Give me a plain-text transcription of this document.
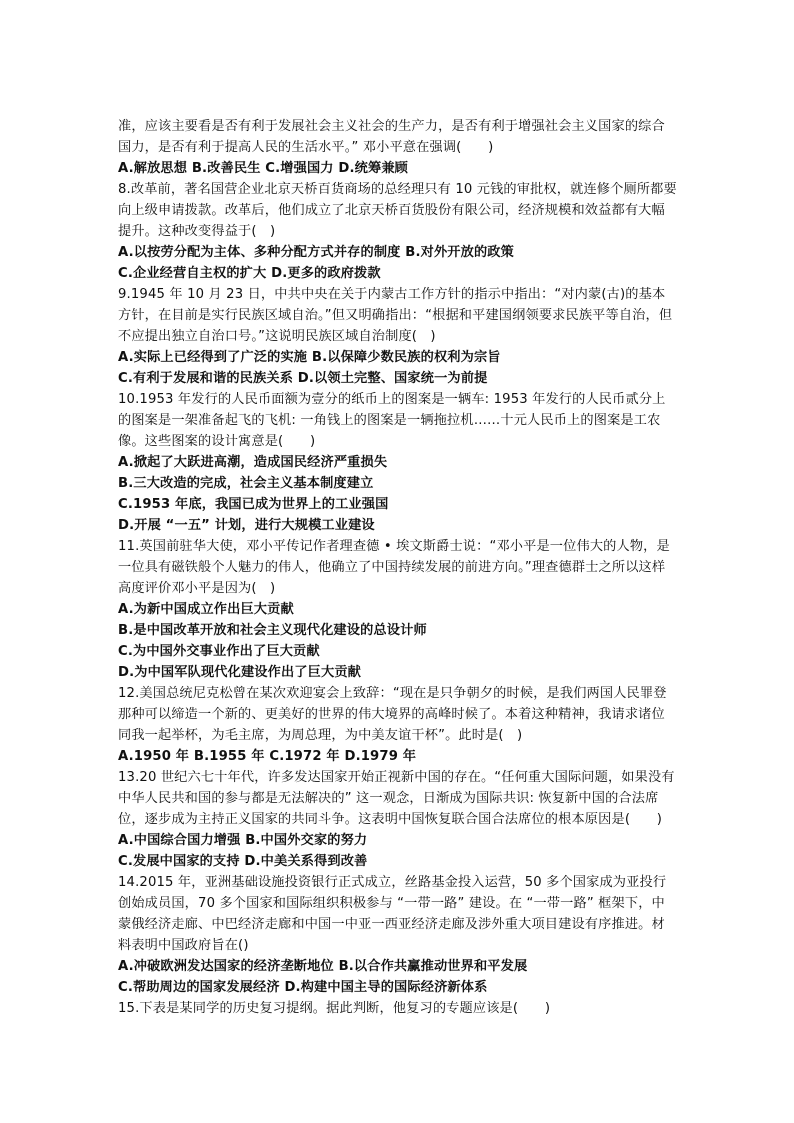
准，应该主要看是否有利于发展社会主义社会的生产力，是否有利于增强社会主义国家的综合国力，是否有利于提高人民的生活水平。” 邓小平意在强调(　　)

A.解放思想 B.改善民生 C.增强国力 D.统筹兼顾

8.改革前，著名国营企业北京天桥百货商场的总经理只有 10 元钱的审批权，就连修个厕所都要向上级申请拨款。改革后，他们成立了北京天桥百货股份有限公司，经济规模和效益都有大幅提升。这种改变得益于(　)

A.以按劳分配为主体、多种分配方式并存的制度 B.对外开放的政策

C.企业经营自主权的扩大 D.更多的政府拨款

9.1945 年 10 月 23 日，中共中央在关于内蒙古工作方针的指示中指出：“对内蒙(古)的基本方针，在目前是实行民族区域自治。”但又明确指出：“根据和平建国纲领要求民族平等自治，但不应提出独立自治口号。”这说明民族区域自治制度(　)

A.实际上已经得到了广泛的实施 B.以保障少数民族的权利为宗旨

C.有利于发展和谐的民族关系 D.以领土完整、国家统一为前提

10.1953 年发行的人民币面额为壹分的纸币上的图案是一辆车: 1953 年发行的人民币贰分上的图案是一架准备起飞的飞机: 一角钱上的图案是一辆拖拉机……十元人民币上的图案是工农像。这些图案的设计寓意是(　　)

A.掀起了大跃进高潮，造成国民经济严重损失

B.三大改造的完成，社会主义基本制度建立

C.1953 年底，我国已成为世界上的工业强国

D.开展 “一五” 计划，进行大规模工业建设

11.英国前驻华大使，邓小平传记作者理查德 • 埃文斯爵士说：“邓小平是一位伟大的人物，是一位具有磁铁般个人魅力的伟人，他确立了中国持续发展的前进方向。”理查德群士之所以这样高度评价邓小平是因为(　)

A.为新中国成立作出巨大贡献

B.是中国改革开放和社会主义现代化建设的总设计师

C.为中国外交事业作出了巨大贡献

D.为中国军队现代化建设作出了巨大贡献

12.美国总统尼克松曾在某次欢迎宴会上致辞：“现在是只争朝夕的时候，是我们两国人民罪登那种可以缔造一个新的、更美好的世界的伟大境界的高峰时候了。本着这种精神，我请求诸位同我一起举杯，为毛主席，为周总理，为中美友谊干杯”。此时是(　)

A.1950 年 B.1955 年 C.1972 年 D.1979 年

13.20 世纪六七十年代，许多发达国家开始正视新中国的存在。“任何重大国际问题，如果没有中华人民共和国的参与都是无法解决的” 这一观念，日渐成为国际共识: 恢复新中国的合法席位，逐步成为主持正义国家的共同斗争。这表明中国恢复联合国合法席位的根本原因是(　　)

A.中国综合国力增强 B.中国外交家的努力

C.发展中国家的支持 D.中美关系得到改善

14.2015 年，亚洲基础设施投资银行正式成立，丝路基金投入运营，50 多个国家成为亚投行创始成员国，70 多个国家和国际组织积极参与 “一带一路” 建设。在 “一带一路” 框架下，中蒙俄经济走廊、中巴经济走廊和中国一中亚一西亚经济走廊及涉外重大项目建设有序推进。材料表明中国政府旨在()

A.冲破欧洲发达国家的经济垄断地位 B.以合作共赢推动世界和平发展

C.帮助周边的国家发展经济 D.构建中国主导的国际经济新体系

15.下表是某同学的历史复习提纲。据此判断，他复习的专题应该是(　　)
